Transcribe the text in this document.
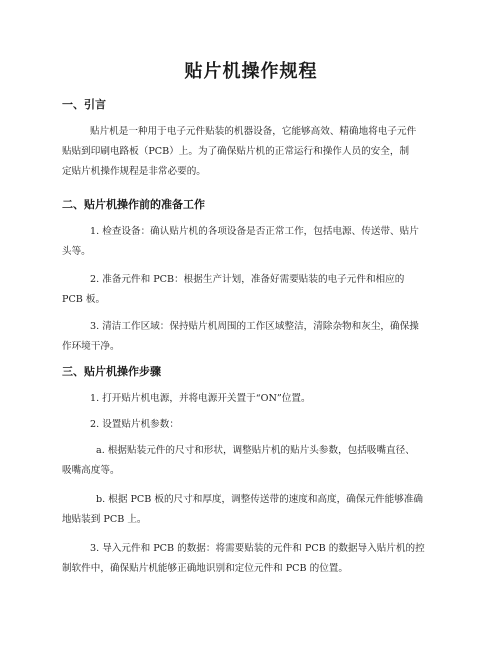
贴片机操作规程
一、引言
贴片机是一种用于电子元件贴装的机器设备，它能够高效、精确地将电子元件
贴贴到印刷电路板（PCB）上。为了确保贴片机的正常运行和操作人员的安全，制
定贴片机操作规程是非常必要的。
二、贴片机操作前的准备工作
1. 检查设备：确认贴片机的各项设备是否正常工作，包括电源、传送带、贴片
头等。
2. 准备元件和 PCB：根据生产计划，准备好需要贴装的电子元件和相应的
PCB 板。
3. 清洁工作区域：保持贴片机周围的工作区域整洁，清除杂物和灰尘，确保操
作环境干净。
三、贴片机操作步骤
1. 打开贴片机电源，并将电源开关置于“ON”位置。
2. 设置贴片机参数：
a. 根据贴装元件的尺寸和形状，调整贴片机的贴片头参数，包括吸嘴直径、
吸嘴高度等。
b. 根据 PCB 板的尺寸和厚度，调整传送带的速度和高度，确保元件能够准确
地贴装到 PCB 上。
3. 导入元件和 PCB 的数据：将需要贴装的元件和 PCB 的数据导入贴片机的控
制软件中，确保贴片机能够正确地识别和定位元件和 PCB 的位置。
